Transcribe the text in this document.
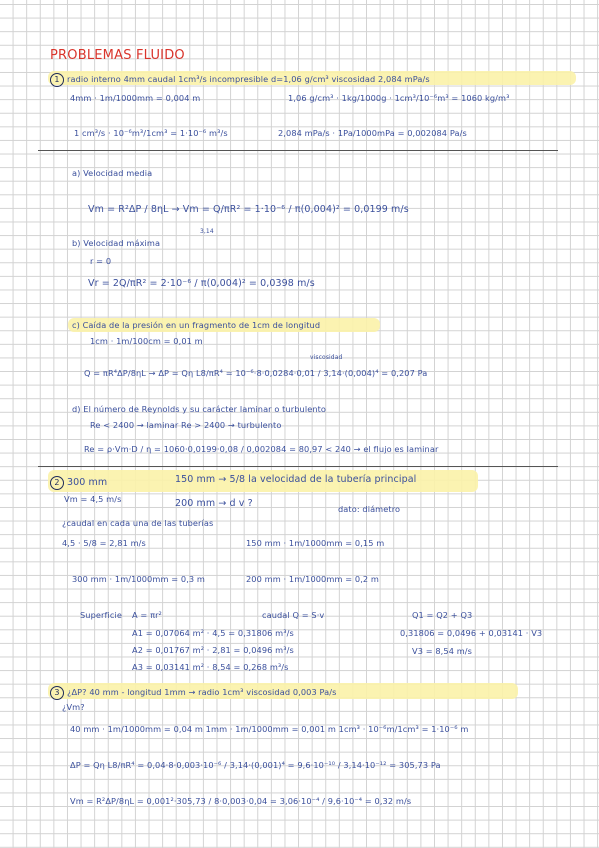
PROBLEMAS FLUIDO
1 radio interno 4mm caudal 1cm³/s incompresible d=1,06 g/cm³ viscosidad 2,084 mPa/s
4mm · 1m/1000mm = 0,004 m	1,06 g/cm³ · 1kg/1000g · 1cm³/10⁻⁶m³ = 1060 kg/m³
1 cm³/s · 10⁻⁶m³/1cm³ = 1·10⁻⁶ m³/s	2,084 mPa/s · 1Pa/1000mPa = 0,002084 Pa/s
a) Velocidad media
Vm = R²ΔP / 8ηL → Vm = Q/πR² = 1·10⁻⁶ / π(0,004)² = 0,0199 m/s
3,14
b) Velocidad máxima
r = 0
Vr = 2Q/πR² = 2·10⁻⁶ / π(0,004)² = 0,0398 m/s
c) Caída de la presión en un fragmento de 1cm de longitud
1cm · 1m/100cm = 0,01 m
viscosidad
Q = πR⁴ΔP/8ηL → ΔP = Qη L8/πR⁴ = 10⁻⁶·8·0,0284·0,01 / 3,14·(0,004)⁴ = 0,207 Pa
d) El número de Reynolds y su carácter laminar o turbulento
Re < 2400 → laminar Re > 2400 → turbulento
Re = ρ·Vm·D / η = 1060·0,0199·0,08 / 0,002084 = 80,97 < 240 → el flujo es laminar
2 300 mm
Vm = 4,5 m/s
150 mm → 5/8 la velocidad de la tubería principal
200 mm → d v ?	dato: diámetro
¿caudal en cada una de las tuberías
4,5 · 5/8 = 2,81 m/s	150 mm · 1m/1000mm = 0,15 m
300 mm · 1m/1000mm = 0,3 m	200 mm · 1m/1000mm = 0,2 m
Superficie A = πr²	caudal Q = S·v	Q1 = Q2 + Q3
A1 = 0,07064 m² · 4,5 = 0,31806 m³/s
A2 = 0,01767 m² · 2,81 = 0,0496 m³/s
A3 = 0,03141 m² · 8,54 = 0,268 m³/s
0,31806 = 0,0496 + 0,03141 · V3
V3 = 8,54 m/s
3 ¿ΔP? 40 mm - longitud 1mm → radio 1cm³ viscosidad 0,003 Pa/s
¿Vm?
40 mm · 1m/1000mm = 0,04 m 1mm · 1m/1000mm = 0,001 m 1cm³ · 10⁻⁶m/1cm³ = 1·10⁻⁶ m
ΔP = Qη L8/πR⁴ = 0,04·8·0,003·10⁻⁶ / 3,14·(0,001)⁴ = 9,6·10⁻¹⁰ / 3,14·10⁻¹² = 305,73 Pa
Vm = R²ΔP/8ηL = 0,001²·305,73 / 8·0,003·0,04 = 3,06·10⁻⁴ / 9,6·10⁻⁴ = 0,32 m/s
